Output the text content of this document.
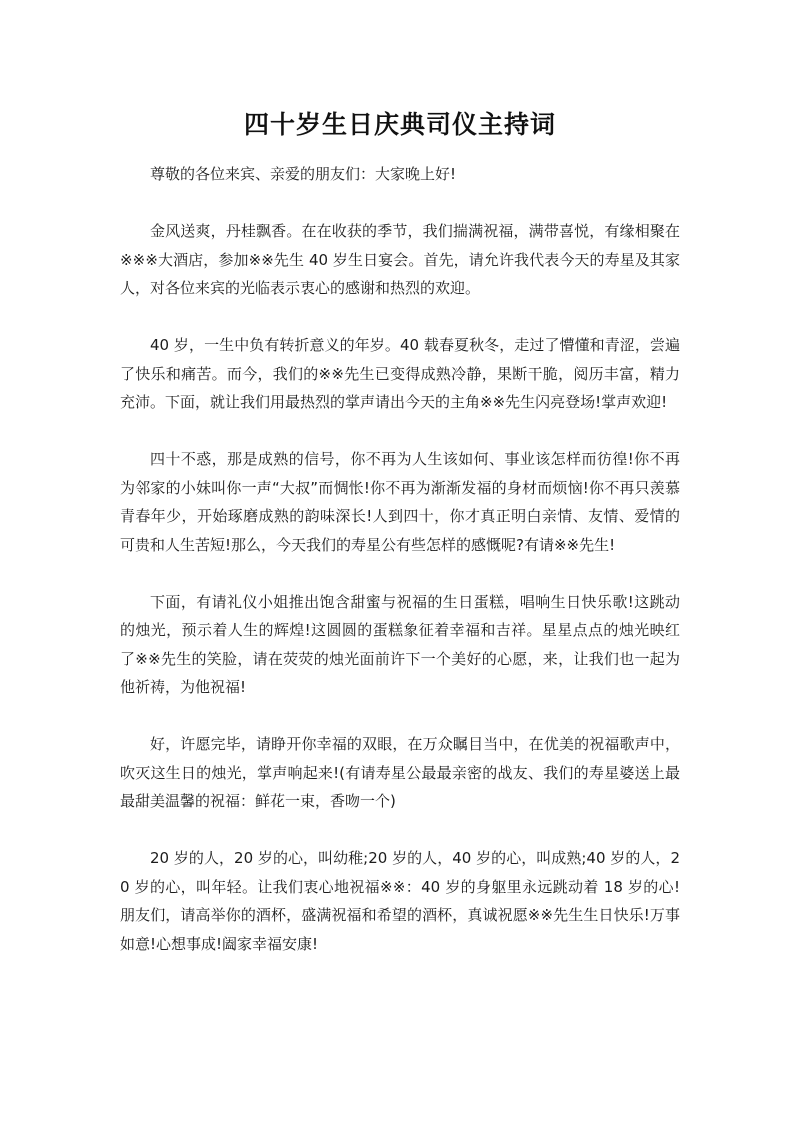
四十岁生日庆典司仪主持词

尊敬的各位来宾、亲爱的朋友们：大家晚上好!

金风送爽，丹桂飘香。在在收获的季节，我们揣满祝福，满带喜悦，有缘相聚在※※※大酒店，参加※※先生 40 岁生日宴会。首先，请允许我代表今天的寿星及其家人，对各位来宾的光临表示衷心的感谢和热烈的欢迎。

40 岁，一生中负有转折意义的年岁。40 载春夏秋冬，走过了懵懂和青涩，尝遍了快乐和痛苦。而今，我们的※※先生已变得成熟冷静，果断干脆，阅历丰富，精力充沛。下面，就让我们用最热烈的掌声请出今天的主角※※先生闪亮登场!掌声欢迎!

四十不惑，那是成熟的信号，你不再为人生该如何、事业该怎样而彷徨!你不再为邻家的小妹叫你一声“大叔”而惆怅!你不再为渐渐发福的身材而烦恼!你不再只羡慕青春年少，开始琢磨成熟的韵味深长!人到四十，你才真正明白亲情、友情、爱情的可贵和人生苦短!那么，今天我们的寿星公有些怎样的感慨呢?有请※※先生!

下面，有请礼仪小姐推出饱含甜蜜与祝福的生日蛋糕，唱响生日快乐歌!这跳动的烛光，预示着人生的辉煌!这圆圆的蛋糕象征着幸福和吉祥。星星点点的烛光映红了※※先生的笑脸，请在荧荧的烛光面前许下一个美好的心愿，来，让我们也一起为他祈祷，为他祝福!

好，许愿完毕，请睁开你幸福的双眼，在万众瞩目当中，在优美的祝福歌声中，吹灭这生日的烛光，掌声响起来!(有请寿星公最最亲密的战友、我们的寿星婆送上最最甜美温馨的祝福：鲜花一束，香吻一个)

20 岁的人，20 岁的心，叫幼稚;20 岁的人，40 岁的心，叫成熟;40 岁的人，20 岁的心，叫年轻。让我们衷心地祝福※※：40 岁的身躯里永远跳动着 18 岁的心!朋友们，请高举你的酒杯，盛满祝福和希望的酒杯，真诚祝愿※※先生生日快乐!万事如意!心想事成!阖家幸福安康!
